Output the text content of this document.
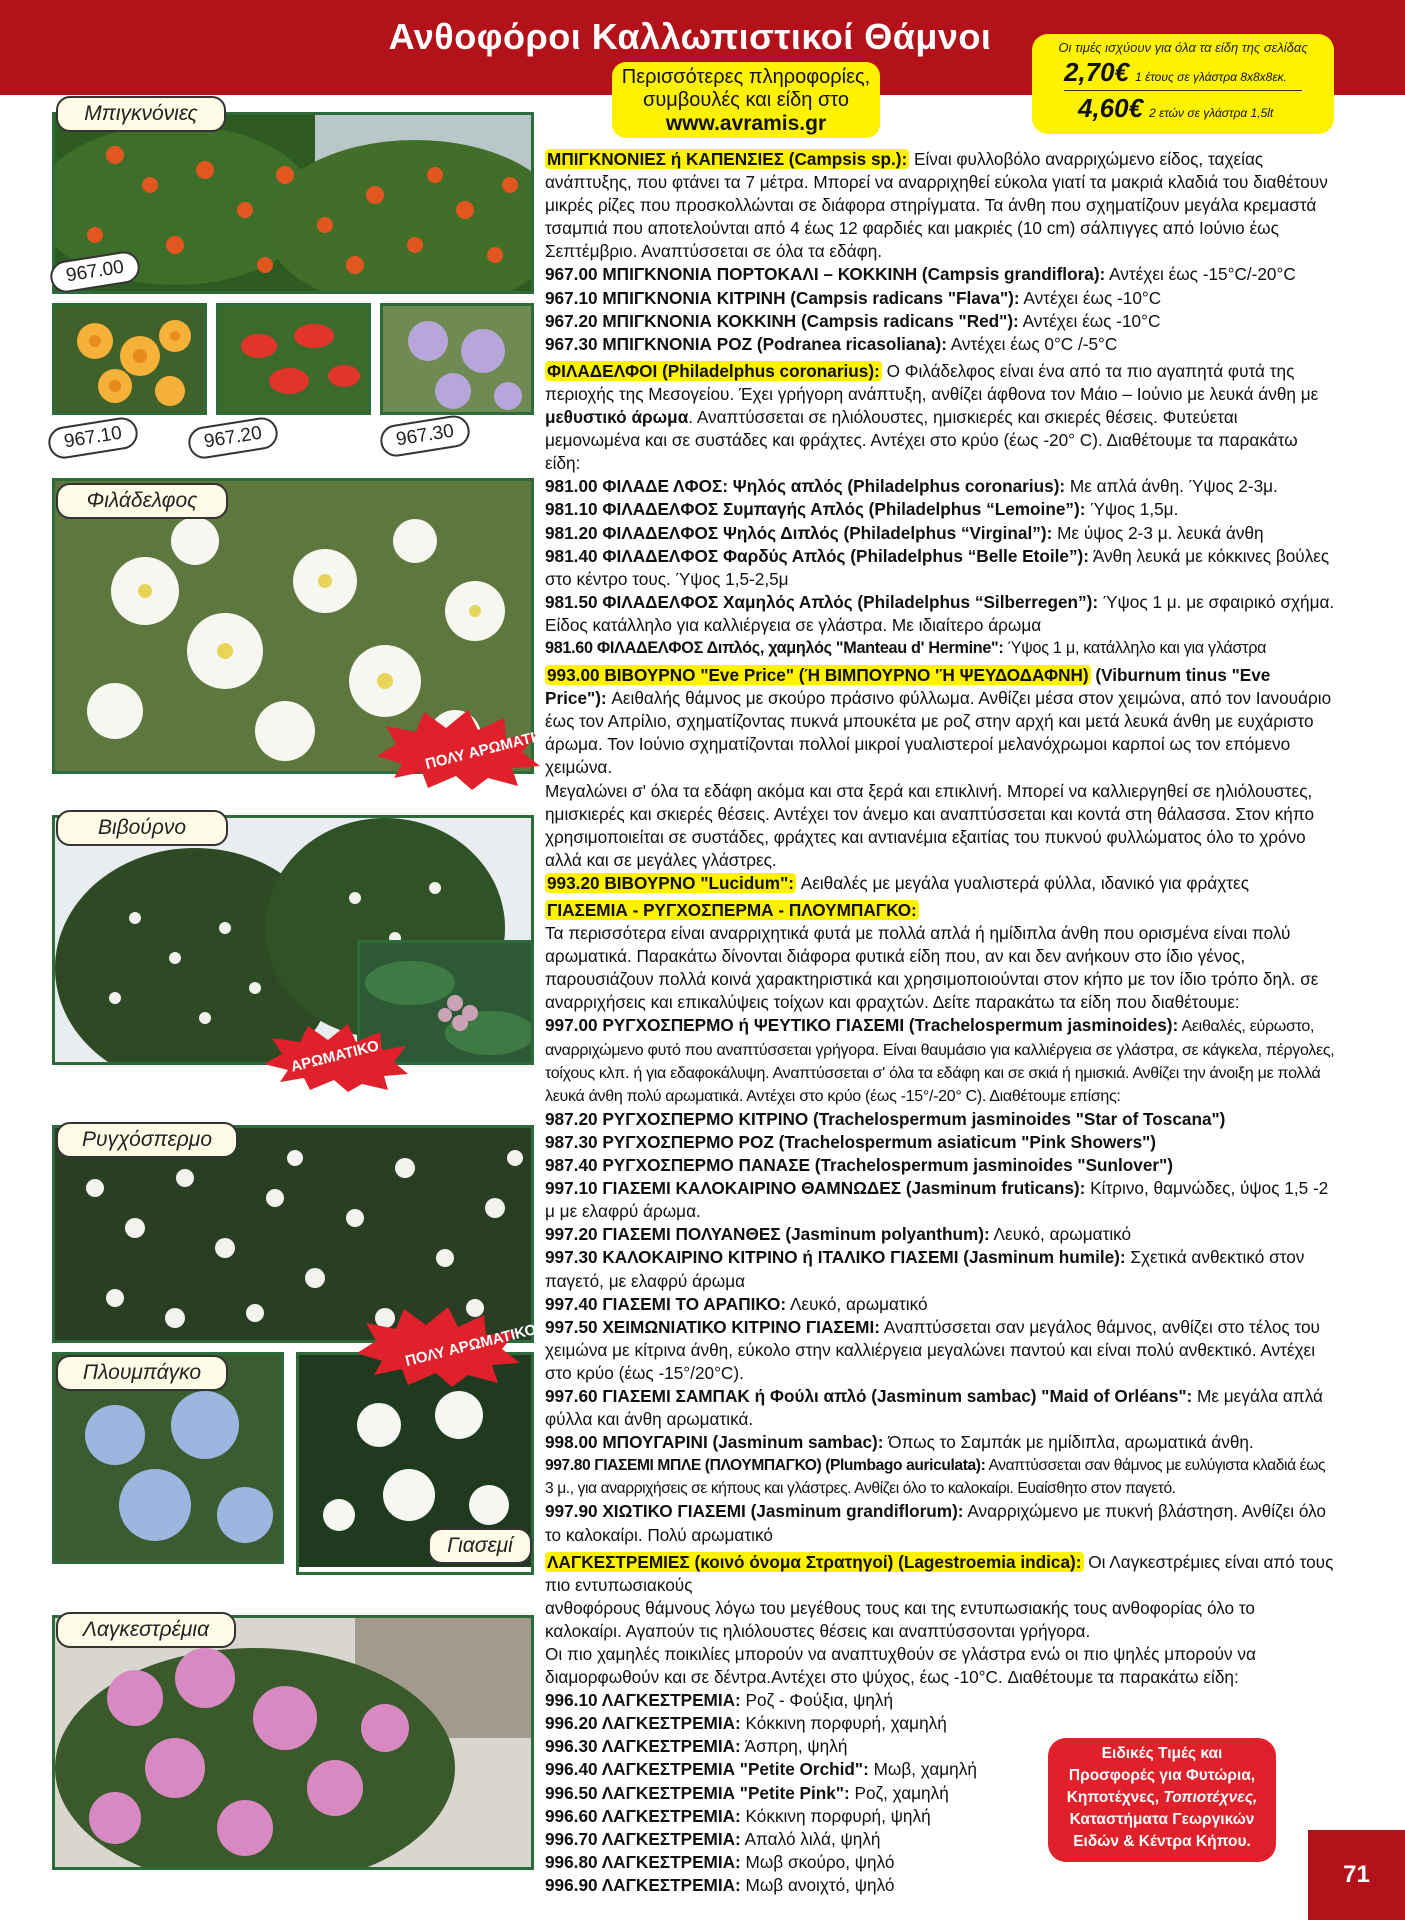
Ανθοφόροι Καλλωπιστικοί Θάμνοι
Περισσότερες πληροφορίες,
συμβουλές και είδη στο
www.avramis.gr
Οι τιμές ισχύουν για όλα τα είδη της σελίδας
2,70€ 1 έτους σε γλάστρα 8x8x8εκ.
4,60€ 2 ετών σε γλάστρα 1,5lt
Μπιγκνόνιες
967.00
967.10	967.20	967.30
Φιλάδελφος
ΠΟΛΥ ΑΡΩΜΑΤΙΚΟ
Βιβούρνο
ΑΡΩΜΑΤΙΚΟ
Ρυγχόσπερμο
Πλουμπάγκο
Γιασεμί
ΠΟΛΥ ΑΡΩΜΑΤΙΚΟ
Λαγκεστρέμια

ΜΠΙΓΚΝΟΝΙΕΣ ή ΚΑΠΕΝΣΙΕΣ (Campsis sp.): Είναι φυλλοβόλο αναρριχώμενο είδος, ταχείας ανάπτυξης, που φτάνει τα 7 μέτρα. Μπορεί να αναρριχηθεί εύκολα γιατί τα μακριά κλαδιά του διαθέτουν μικρές ρίζες που προσκολλώνται σε διάφορα στηρίγματα. Τα άνθη που σχηματίζουν μεγάλα κρεμαστά τσαμπιά που αποτελούνται από 4 έως 12 φαρδιές και μακριές (10 cm) σάλπιγγες από Ιούνιο έως Σεπτέμβριο. Αναπτύσσεται σε όλα τα εδάφη.

967.00 ΜΠΙΓΚΝΟΝΙΑ ΠΟΡΤΟΚΑΛΙ – ΚΟΚΚΙΝΗ (Campsis grandiflora): Αντέχει έως -15°C/-20°C

967.10 ΜΠΙΓΚΝΟΝΙΑ ΚΙΤΡΙΝΗ (Campsis radicans "Flava"): Αντέχει έως -10°C

967.20 ΜΠΙΓΚΝΟΝΙΑ ΚΟΚΚΙΝΗ (Campsis radicans "Red"): Αντέχει έως -10°C

967.30 ΜΠΙΓΚΝΟΝΙΑ ΡΟΖ (Podranea ricasoliana): Αντέχει έως 0°C /-5°C

ΦΙΛΑΔΕΛΦΟΙ (Philadelphus coronarius): Ο Φιλάδελφος είναι ένα από τα πιο αγαπητά φυτά της περιοχής της Μεσογείου. Έχει γρήγορη ανάπτυξη, ανθίζει άφθονα τον Μάιο – Ιούνιο με λευκά άνθη με μεθυστικό άρωμα. Αναπτύσσεται σε ηλιόλουστες, ημισκιερές και σκιερές θέσεις. Φυτεύεται μεμονωμένα και σε συστάδες και φράχτες. Αντέχει στο κρύο (έως -20° C). Διαθέτουμε τα παρακάτω είδη:

981.00 ΦΙΛΑΔΕ ΛΦΟΣ: Ψηλός απλός (Philadelphus coronarius): Με απλά άνθη. Ύψος 2-3μ.

981.10 ΦΙΛΑΔΕΛΦΟΣ Συμπαγής Απλός (Philadelphus “Lemoine”): Ύψος 1,5μ.

981.20 ΦΙΛΑΔΕΛΦΟΣ Ψηλός Διπλός (Philadelphus “Virginal”): Με ύψος 2-3 μ. λευκά άνθη

981.40 ΦΙΛΑΔΕΛΦΟΣ Φαρδύς Απλός (Philadelphus “Belle Etoile”): Άνθη λευκά με κόκκινες βούλες στο κέντρο τους. Ύψος 1,5-2,5μ

981.50 ΦΙΛΑΔΕΛΦΟΣ Χαμηλός Απλός (Philadelphus “Silberregen”): Ύψος 1 μ. με σφαιρικό σχήμα. Είδος κατάλληλο για καλλιέργεια σε γλάστρα. Με ιδιαίτερο άρωμα

981.60 ΦΙΛΑΔΕΛΦΟΣ Διπλός, χαμηλός "Manteau d' Hermine": Ύψος 1 μ, κατάλληλο και για γλάστρα

993.00 ΒΙΒΟΥΡΝΟ "Eve Price" (Ή ΒΙΜΠΟΥΡΝΟ 'Ή ΨΕΥΔΟΔΑΦΝΗ) (Viburnum tinus "Eve Price"): Αειθαλής θάμνος με σκούρο πράσινο φύλλωμα. Ανθίζει μέσα στον χειμώνα, από τον Ιανουάριο έως τον Απρίλιο, σχηματίζοντας πυκνά μπουκέτα με ροζ στην αρχή και μετά λευκά άνθη με ευχάριστο άρωμα. Τον Ιούνιο σχηματίζονται πολλοί μικροί γυαλιστεροί μελανόχρωμοι καρποί ως τον επόμενο χειμώνα.

Μεγαλώνει σ' όλα τα εδάφη ακόμα και στα ξερά και επικλινή. Μπορεί να καλλιεργηθεί σε ηλιόλουστες, ημισκιερές και σκιερές θέσεις. Αντέχει τον άνεμο και αναπτύσσεται και κοντά στη θάλασσα. Στον κήπο χρησιμοποιείται σε συστάδες, φράχτες και αντιανέμια εξαιτίας του πυκνού φυλλώματος όλο το χρόνο αλλά και σε μεγάλες γλάστρες.

993.20 ΒΙΒΟΥΡΝΟ "Lucidum": Αειθαλές με μεγάλα γυαλιστερά φύλλα, ιδανικό για φράχτες

ΓΙΑΣΕΜΙΑ - ΡΥΓΧΟΣΠΕΡΜΑ - ΠΛΟΥΜΠΑΓΚΟ:

Τα περισσότερα είναι αναρριχητικά φυτά με πολλά απλά ή ημίδιπλα άνθη που ορισμένα είναι πολύ αρωματικά. Παρακάτω δίνονται διάφορα φυτικά είδη που, αν και δεν ανήκουν στο ίδιο γένος, παρουσιάζουν πολλά κοινά χαρακτηριστικά και χρησιμοποιούνται στον κήπο με τον ίδιο τρόπο δηλ. σε αναρριχήσεις και επικαλύψεις τοίχων και φραχτών. Δείτε παρακάτω τα είδη που διαθέτουμε:

997.00 ΡΥΓΧΟΣΠΕΡΜΟ ή ΨΕΥΤΙΚΟ ΓΙΑΣΕΜΙ (Trachelospermum jasminoides): Αειθαλές, εύρωστο, αναρριχώμενο φυτό που αναπτύσσεται γρήγορα. Είναι θαυμάσιο για καλλιέργεια σε γλάστρα, σε κάγκελα, πέργολες, τοίχους κλπ. ή για εδαφοκάλυψη. Αναπτύσσεται σ' όλα τα εδάφη και σε σκιά ή ημισκιά. Ανθίζει την άνοιξη με πολλά λευκά άνθη πολύ αρωματικά. Αντέχει στο κρύο (έως -15°/-20° C). Διαθέτουμε επίσης:

987.20 ΡΥΓΧΟΣΠΕΡΜΟ ΚΙΤΡΙΝΟ (Trachelospermum jasminoides "Star of Toscana")

987.30 ΡΥΓΧΟΣΠΕΡΜΟ ΡΟΖ (Trachelospermum asiaticum "Pink Showers")

987.40 ΡΥΓΧΟΣΠΕΡΜΟ ΠΑΝΑΣΕ (Trachelospermum jasminoides "Sunlover")

997.10 ΓΙΑΣΕΜΙ ΚΑΛΟΚΑΙΡΙΝΟ ΘΑΜΝΩΔΕΣ (Jasminum fruticans): Κίτρινο, θαμνώδες, ύψος 1,5 -2 μ με ελαφρύ άρωμα.

997.20 ΓΙΑΣΕΜΙ ΠΟΛΥΑΝΘΕΣ (Jasminum polyanthum): Λευκό, αρωματικό

997.30 ΚΑΛΟΚΑΙΡΙΝΟ ΚΙΤΡΙΝΟ ή ΙΤΑΛΙΚΟ ΓΙΑΣΕΜΙ (Jasminum humile): Σχετικά ανθεκτικό στον παγετό, με ελαφρύ άρωμα

997.40 ΓΙΑΣΕΜΙ ΤΟ ΑΡΑΠΙΚΟ: Λευκό, αρωματικό

997.50 ΧΕΙΜΩΝΙΑΤΙΚΟ ΚΙΤΡΙΝΟ ΓΙΑΣΕΜΙ: Αναπτύσσεται σαν μεγάλος θάμνος, ανθίζει στο τέλος του χειμώνα με κίτρινα άνθη, εύκολο στην καλλιέργεια μεγαλώνει παντού και είναι πολύ ανθεκτικό. Αντέχει στο κρύο (έως -15°/20°C).

997.60 ΓΙΑΣΕΜΙ ΣΑΜΠΑΚ ή Φούλι απλό (Jasminum sambac) "Maid of Orléans": Με μεγάλα απλά φύλλα και άνθη αρωματικά.

998.00 ΜΠΟΥΓΑΡΙΝΙ (Jasminum sambac): Όπως το Σαμπάκ με ημίδιπλα, αρωματικά άνθη.

997.80 ΓΙΑΣΕΜΙ ΜΠΛΕ (ΠΛΟΥΜΠΑΓΚΟ) (Plumbago auriculata): Αναπτύσσεται σαν θάμνος με ευλύγιστα κλαδιά έως 3 μ., για αναρριχήσεις σε κήπους και γλάστρες. Ανθίζει όλο το καλοκαίρι. Ευαίσθητο στον παγετό.

997.90 ΧΙΩΤΙΚΟ ΓΙΑΣΕΜΙ (Jasminum grandiflorum): Αναρριχώμενο με πυκνή βλάστηση. Ανθίζει όλο το καλοκαίρι. Πολύ αρωματικό

ΛΑΓΚΕΣΤΡΕΜΙΕΣ (κοινό όνομα Στρατηγοί) (Lagestroemia indica): Οι Λαγκεστρέμιες είναι από τους πιο εντυπωσιακούς

ανθοφόρους θάμνους λόγω του μεγέθους τους και της εντυπωσιακής τους ανθοφορίας όλο το καλοκαίρι. Αγαπούν τις ηλιόλουστες θέσεις και αναπτύσσονται γρήγορα.

Οι πιο χαμηλές ποικιλίες μπορούν να αναπτυχθούν σε γλάστρα ενώ οι πιο ψηλές μπορούν να διαμορφωθούν και σε δέντρα.Αντέχει στο ψύχος, έως -10°C. Διαθέτουμε τα παρακάτω είδη:

996.10 ΛΑΓΚΕΣΤΡΕΜΙΑ: Ροζ - Φούξια, ψηλή

996.20 ΛΑΓΚΕΣΤΡΕΜΙΑ: Κόκκινη πορφυρή, χαμηλή

996.30 ΛΑΓΚΕΣΤΡΕΜΙΑ: Άσπρη, ψηλή

996.40 ΛΑΓΚΕΣΤΡΕΜΙΑ "Petite Orchid": Μωβ, χαμηλή

996.50 ΛΑΓΚΕΣΤΡΕΜΙΑ "Petite Pink": Ροζ, χαμηλή

996.60 ΛΑΓΚΕΣΤΡΕΜΙΑ: Κόκκινη πορφυρή, ψηλή

996.70 ΛΑΓΚΕΣΤΡΕΜΙΑ: Απαλό λιλά, ψηλή

996.80 ΛΑΓΚΕΣΤΡΕΜΙΑ: Μωβ σκούρο, ψηλό

996.90 ΛΑΓΚΕΣΤΡΕΜΙΑ: Μωβ ανοιχτό, ψηλό

Ειδικές Τιμές και
Προσφορές για Φυτώρια,
Κηποτέχνες, Τοπιοτέχνες,
Καταστήματα Γεωργικών
Ειδών & Κέντρα Κήπου.
71
